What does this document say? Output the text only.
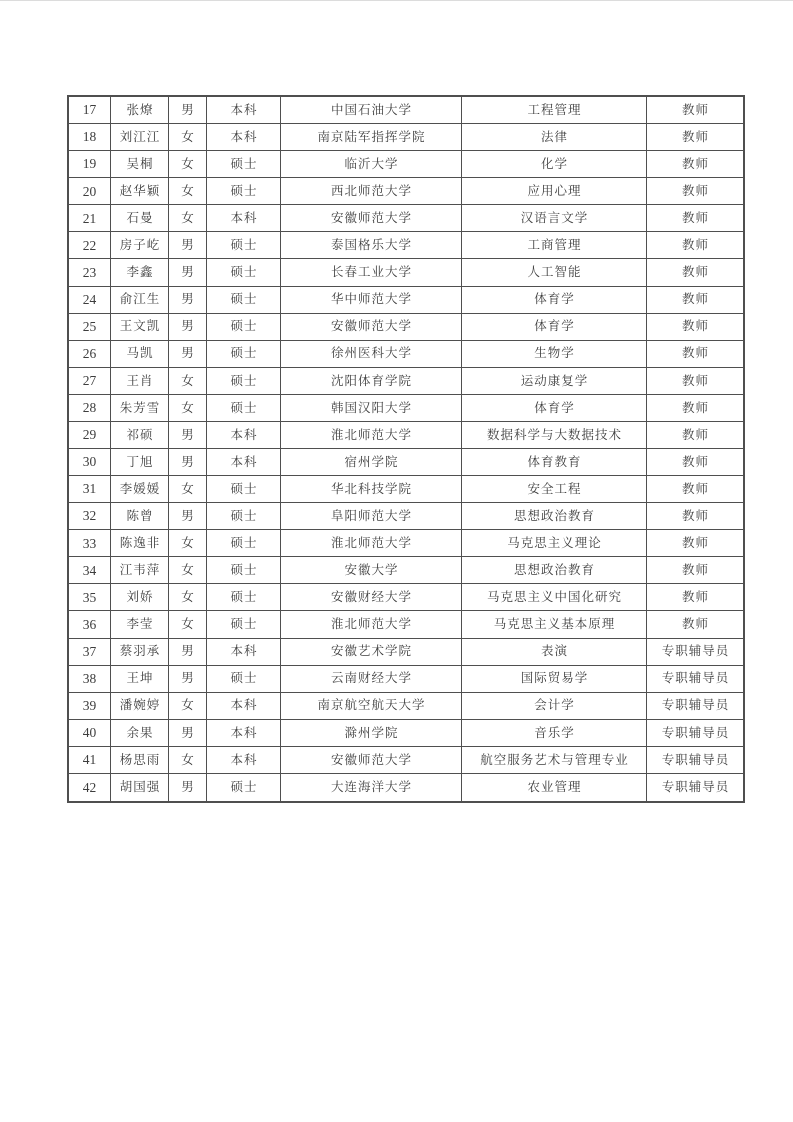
17	张燎	男	本科	中国石油大学	工程管理	教师
18	刘江江	女	本科	南京陆军指挥学院	法律	教师
19	吴桐	女	硕士	临沂大学	化学	教师
20	赵华颖	女	硕士	西北师范大学	应用心理	教师
21	石曼	女	本科	安徽师范大学	汉语言文学	教师
22	房子屹	男	硕士	泰国格乐大学	工商管理	教师
23	李鑫	男	硕士	长春工业大学	人工智能	教师
24	俞江生	男	硕士	华中师范大学	体育学	教师
25	王文凯	男	硕士	安徽师范大学	体育学	教师
26	马凯	男	硕士	徐州医科大学	生物学	教师
27	王肖	女	硕士	沈阳体育学院	运动康复学	教师
28	朱芳雪	女	硕士	韩国汉阳大学	体育学	教师
29	祁硕	男	本科	淮北师范大学	数据科学与大数据技术	教师
30	丁旭	男	本科	宿州学院	体育教育	教师
31	李媛媛	女	硕士	华北科技学院	安全工程	教师
32	陈曾	男	硕士	阜阳师范大学	思想政治教育	教师
33	陈逸非	女	硕士	淮北师范大学	马克思主义理论	教师
34	江韦萍	女	硕士	安徽大学	思想政治教育	教师
35	刘娇	女	硕士	安徽财经大学	马克思主义中国化研究	教师
36	李莹	女	硕士	淮北师范大学	马克思主义基本原理	教师
37	蔡羽承	男	本科	安徽艺术学院	表演	专职辅导员
38	王坤	男	硕士	云南财经大学	国际贸易学	专职辅导员
39	潘婉婷	女	本科	南京航空航天大学	会计学	专职辅导员
40	余果	男	本科	滁州学院	音乐学	专职辅导员
41	杨思雨	女	本科	安徽师范大学	航空服务艺术与管理专业	专职辅导员
42	胡国强	男	硕士	大连海洋大学	农业管理	专职辅导员
